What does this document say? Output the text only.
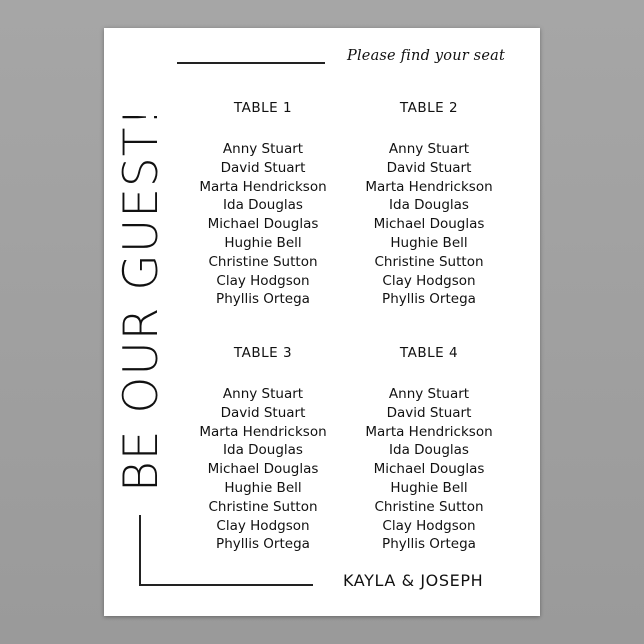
BE OUR GUEST!
Please find your seat
TABLE 1
Anny Stuart
David Stuart
Marta Hendrickson
Ida Douglas
Michael Douglas
Hughie Bell
Christine Sutton
Clay Hodgson
Phyllis Ortega
TABLE 2
Anny Stuart
David Stuart
Marta Hendrickson
Ida Douglas
Michael Douglas
Hughie Bell
Christine Sutton
Clay Hodgson
Phyllis Ortega
TABLE 3
Anny Stuart
David Stuart
Marta Hendrickson
Ida Douglas
Michael Douglas
Hughie Bell
Christine Sutton
Clay Hodgson
Phyllis Ortega
TABLE 4
Anny Stuart
David Stuart
Marta Hendrickson
Ida Douglas
Michael Douglas
Hughie Bell
Christine Sutton
Clay Hodgson
Phyllis Ortega
KAYLA & JOSEPH
